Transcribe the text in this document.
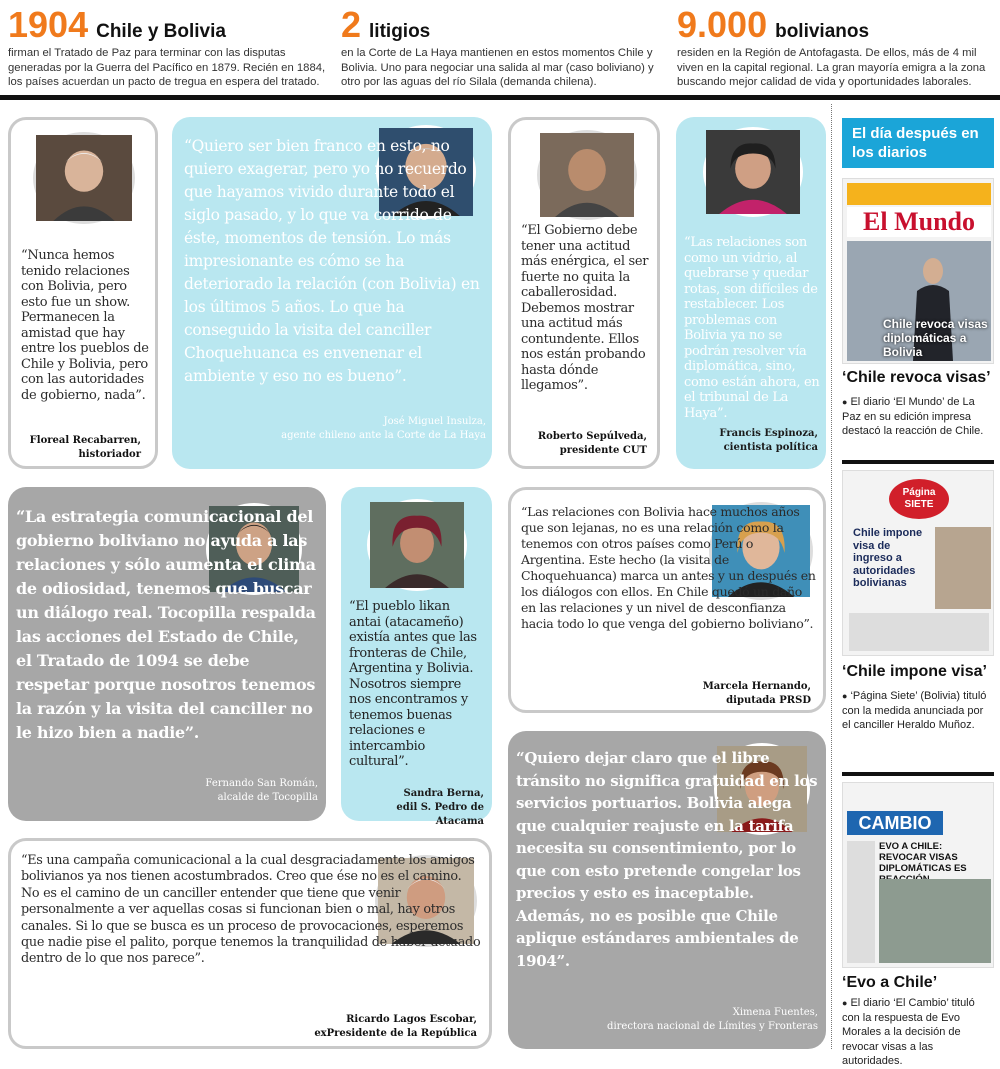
1904 Chile y Bolivia
firman el Tratado de Paz para terminar con las disputas generadas por la Guerra del Pacífico en 1879. Recién en 1884, los países acuerdan un pacto de tregua en espera del tratado.
2 litigios
en la Corte de La Haya mantienen en estos momentos Chile y Bolivia. Uno para negociar una salida al mar (caso boliviano) y otro por las aguas del río Silala (demanda chilena).
9.000 bolivianos
residen en la Región de Antofagasta. De ellos, más de 4 mil viven en la capital regional. La gran mayoría emigra a la zona buscando mejor calidad de vida y oportunidades laborales.
“Nunca hemos tenido relaciones con Bolivia, pero esto fue un show. Permanecen la amistad que hay entre los pueblos de Chile y Bolivia, pero con las autoridades de gobierno, nada”.
Floreal Recabarren,
historiador
“Quiero ser bien franco en esto, no quiero exagerar, pero yo no recuerdo que hayamos vivido durante todo el siglo pasado, y lo que va corrido de éste, momentos de tensión. Lo más impresionante es cómo se ha deteriorado la relación (con Bolivia) en los últimos 5 años. Lo que ha conseguido la visita del canciller Choquehuanca es envenenar el ambiente y eso no es bueno”.
José Miguel Insulza,
agente chileno ante la Corte de La Haya
“El Gobierno debe tener una actitud más enérgica, el ser fuerte no quita la caballerosidad. Debemos mostrar una actitud más contundente. Ellos nos están probando hasta dónde llegamos”.
Roberto Sepúlveda,
presidente CUT
“Las relaciones son como un vidrio, al quebrarse y quedar rotas, son difíciles de restablecer. Los problemas con Bolivia ya no se podrán resolver vía diplomática, sino, como están ahora, en el tribunal de La Haya”.
Francis Espinoza,
cientista política
“La estrategia comunicacional del gobierno boliviano no ayuda a las relaciones y sólo aumenta el clima de odiosidad, tenemos que buscar un diálogo real. Tocopilla respalda las acciones del Estado de Chile, el Tratado de 1094 se debe respetar porque nosotros tenemos la razón y la visita del canciller no le hizo bien a nadie”.
Fernando San Román,
alcalde de Tocopilla
“El pueblo likan antai (atacameño) existía antes que las fronteras de Chile, Argentina y Bolivia. Nosotros siempre nos encontramos y tenemos buenas relaciones e intercambio cultural”.
Sandra Berna,
edil S. Pedro de Atacama
“Las relaciones con Bolivia hace muchos años que son lejanas, no es una relación como la tenemos con otros países como Perú o Argentina. Este hecho (la visita de Choquehuanca) marca un antes y un después en los diálogos con ellos. En Chile quedó un daño en las relaciones y un nivel de desconfianza hacia todo lo que venga del gobierno boliviano”.
Marcela Hernando,
diputada PRSD
“Quiero dejar claro que el libre tránsito no significa gratuidad en los servicios portuarios. Bolivia alega que cualquier reajuste en la tarifa necesita su consentimiento, por lo que con esto pretende congelar los precios y esto es inaceptable. Además, no es posible que Chile aplique estándares ambientales de 1904”.
Ximena Fuentes,
directora nacional de Límites y Fronteras
“Es una campaña comunicacional a la cual desgraciadamente los amigos bolivianos ya nos tienen acostumbrados. Creo que ése no es el camino. No es el camino de un canciller entender que tiene que venir personalmente a ver aquellas cosas si funcionan bien o mal, hay otros canales. Si lo que se busca es un proceso de provocaciones, esperemos que nadie pise el palito, porque tenemos la tranquilidad de haber actuado dentro de lo que nos parece”.
Ricardo Lagos Escobar,
exPresidente de la República
El día después en los diarios
El Mundo
Chile revoca visas diplomáticas a Bolivia
‘Chile revoca visas’
● El diario ‘El Mundo’ de La Paz en su edición impresa destacó la reacción de Chile.
Página SIETE
Chile impone visa de ingreso a autoridades bolivianas
‘Chile impone visa’
● ‘Página Siete’ (Bolivia) tituló con la medida anunciada por el canciller Heraldo Muñoz.
CAMBIO
EVO A CHILE: REVOCAR VISAS DIPLOMÁTICAS ES
‘Evo a Chile’
● El diario ‘El Cambio’ tituló con la respuesta de Evo Morales a la decisión de revocar visas a las autoridades.
